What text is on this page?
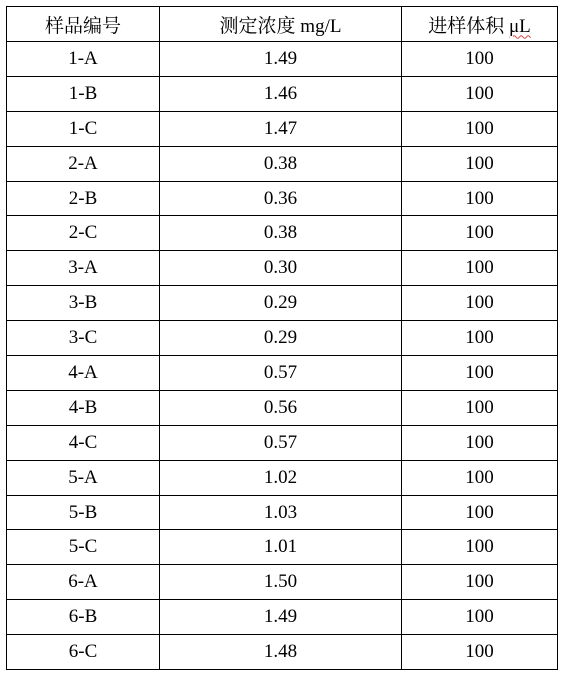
样品编号	测定浓度 mg/L	进样体积 μL
1-A	1.49	100
1-B	1.46	100
1-C	1.47	100
2-A	0.38	100
2-B	0.36	100
2-C	0.38	100
3-A	0.30	100
3-B	0.29	100
3-C	0.29	100
4-A	0.57	100
4-B	0.56	100
4-C	0.57	100
5-A	1.02	100
5-B	1.03	100
5-C	1.01	100
6-A	1.50	100
6-B	1.49	100
6-C	1.48	100
